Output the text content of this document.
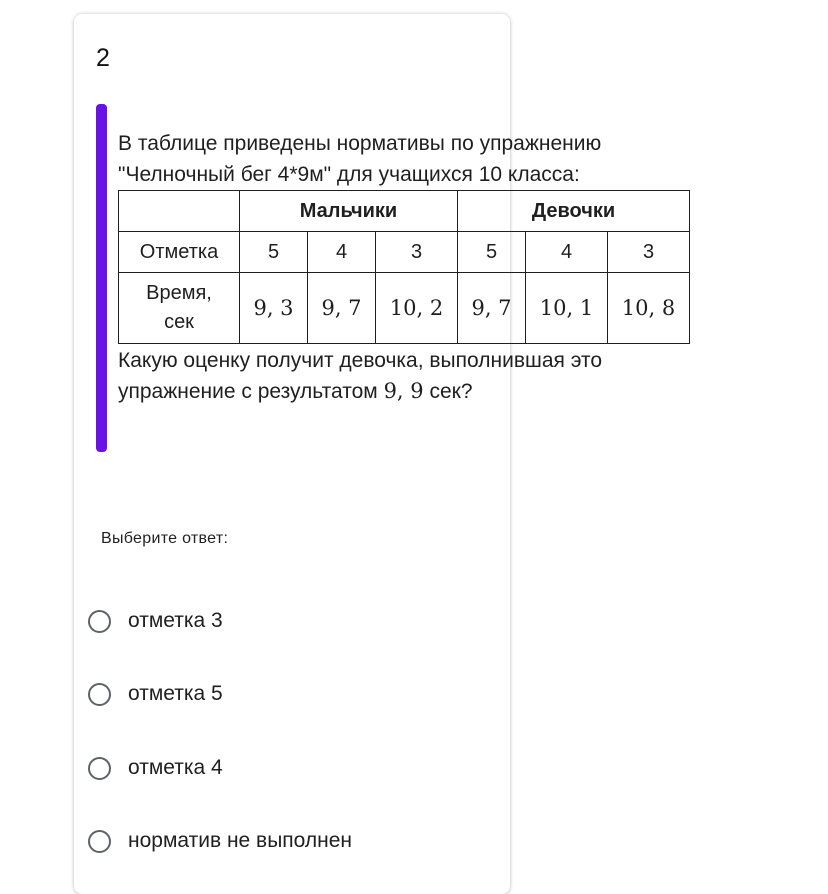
2
В таблице приведены нормативы по упражнению
"Челночный бег 4*9м" для учащихся 10 класса:
	Мальчики			Девочки		
Отметка	5	4	3	5	4	3

Время,
сек	9, 3	9, 7	10, 2	9, 7	10, 1	10, 8
Какую оценку получит девочка, выполнившая это упражнение с результатом 9, 9 сек?
Выберите ответ:
отметка 3
отметка 5
отметка 4
норматив не выполнен
